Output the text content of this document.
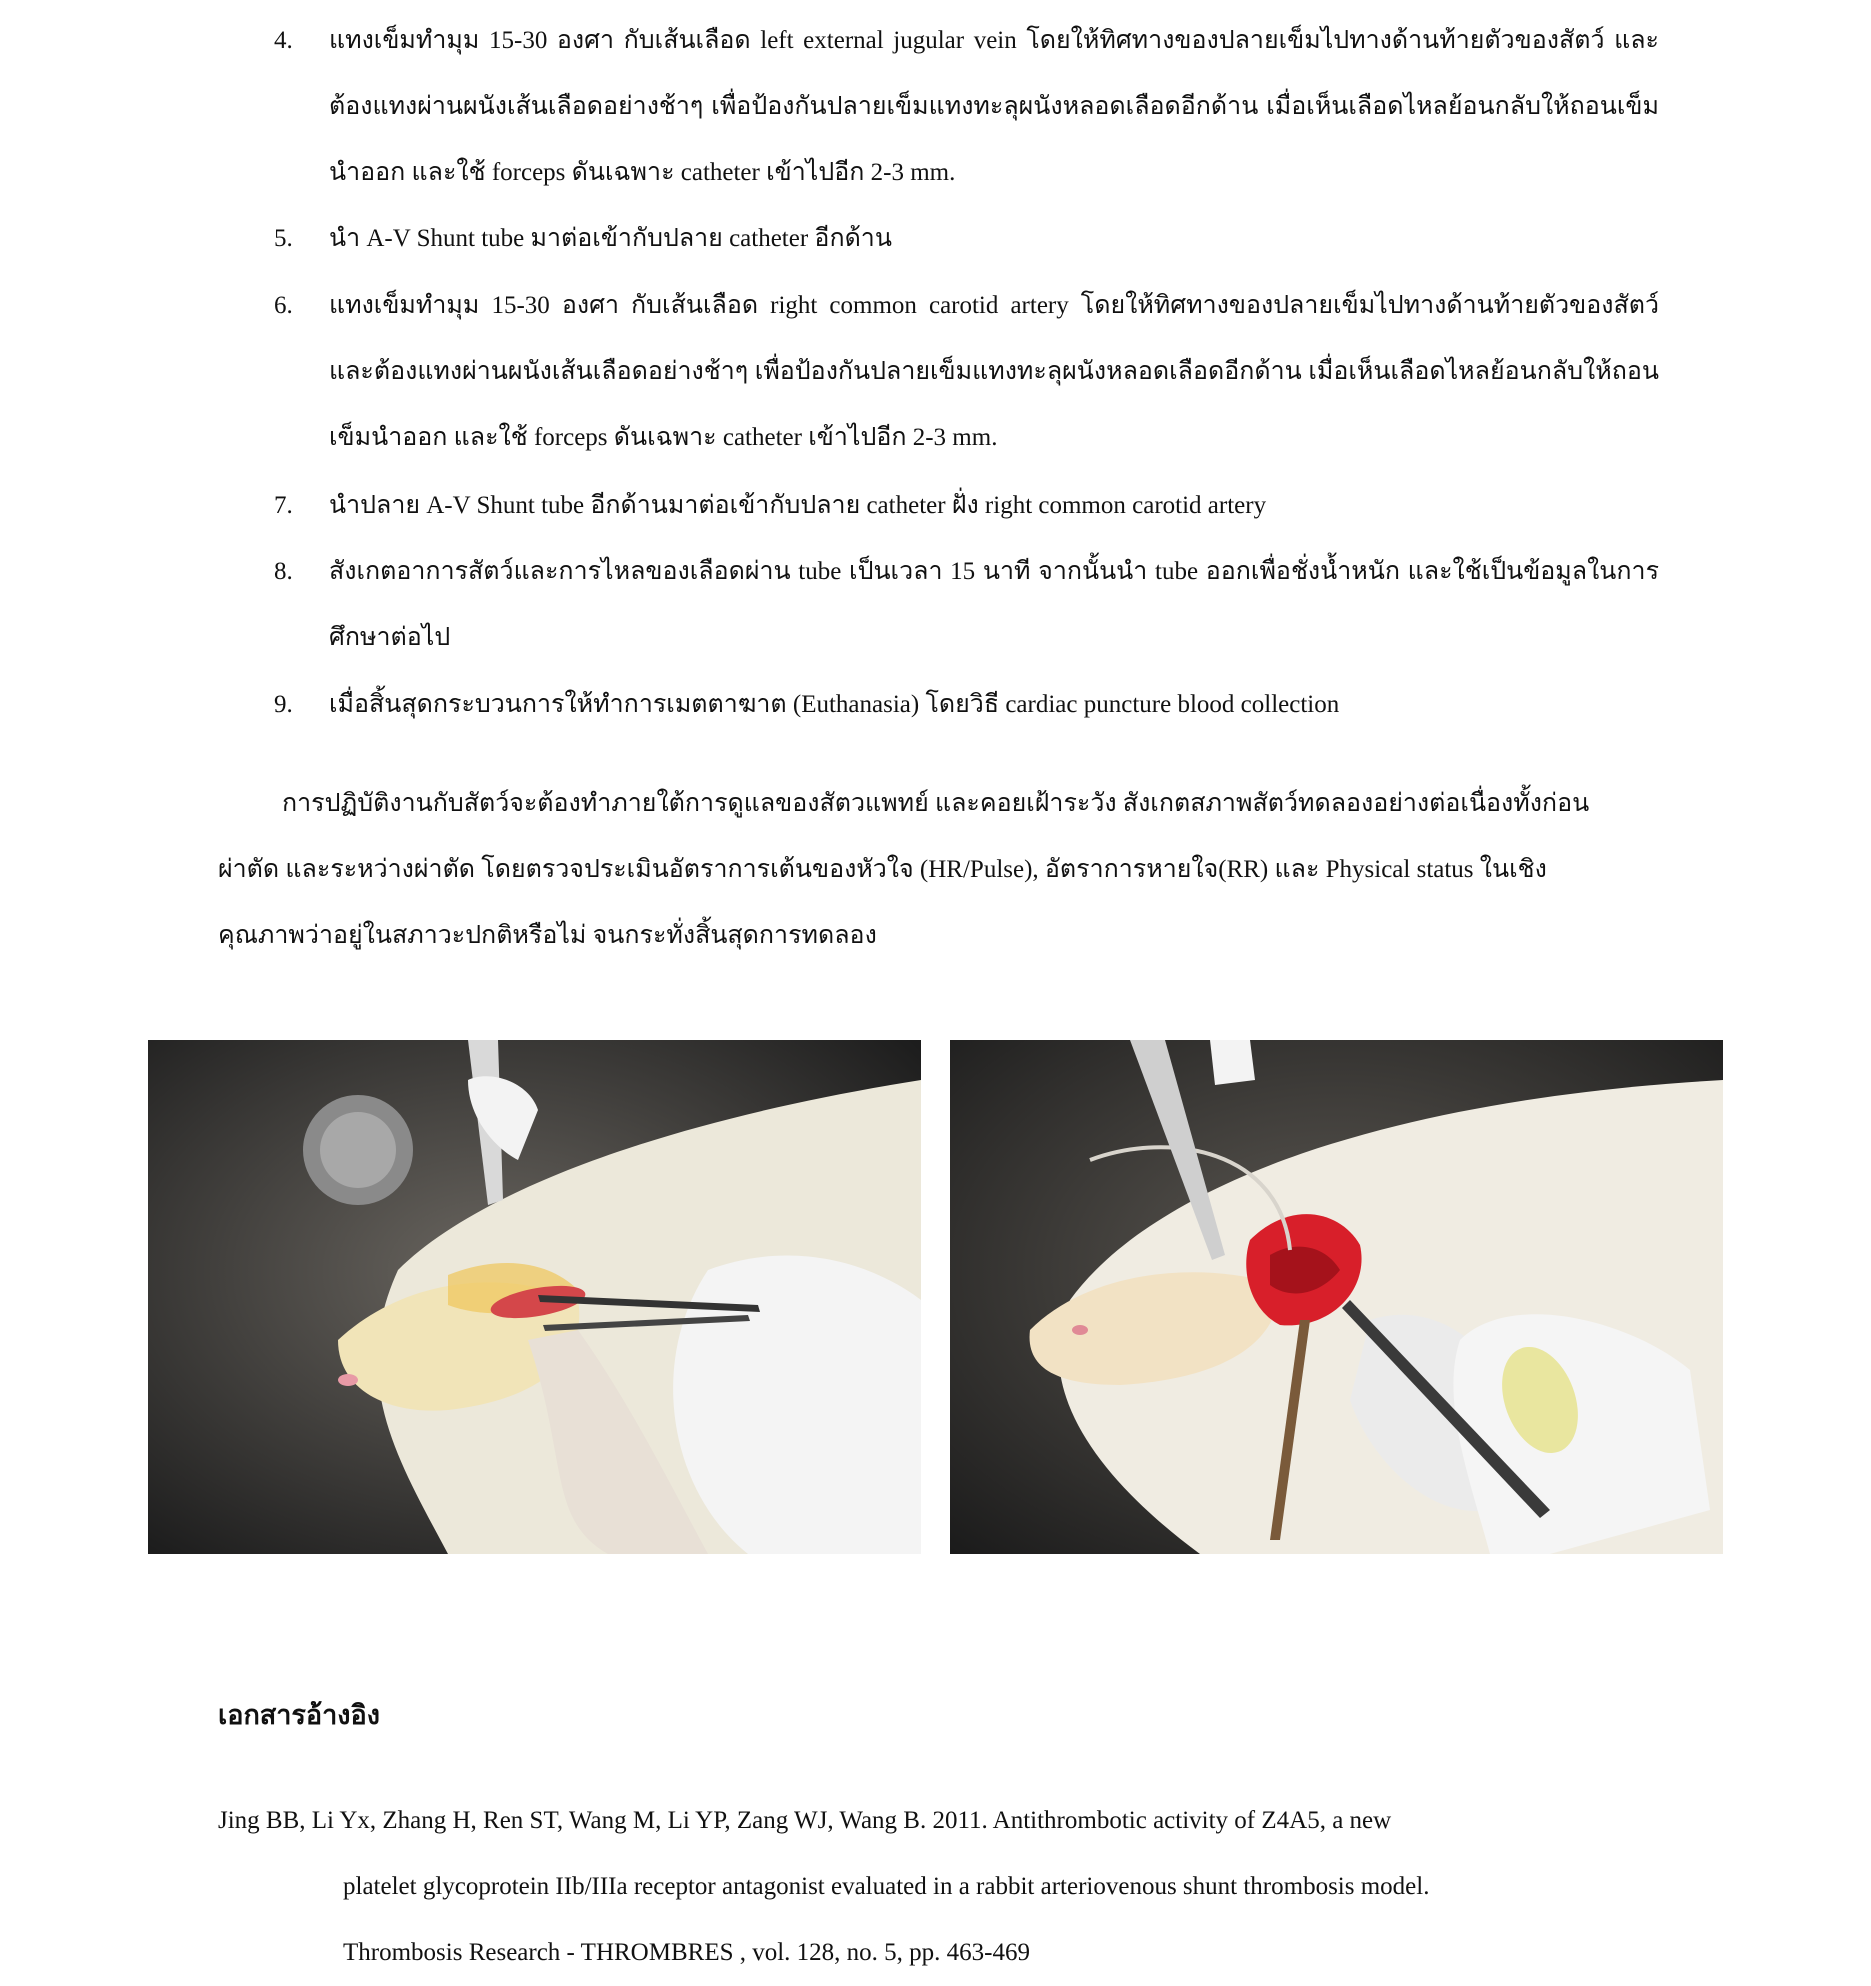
4. แทงเข็มทำมุม 15-30 องศา กับเส้นเลือด left external jugular vein โดยให้ทิศทางของปลายเข็มไปทางด้านท้ายตัวของสัตว์ และต้องแทงผ่านผนังเส้นเลือดอย่างช้าๆ เพื่อป้องกันปลายเข็มแทงทะลุผนังหลอดเลือดอีกด้าน เมื่อเห็นเลือดไหลย้อนกลับให้ถอนเข็มนำออก และใช้ forceps ดันเฉพาะ catheter เข้าไปอีก 2-3 mm.
5. นำ A-V Shunt tube มาต่อเข้ากับปลาย catheter อีกด้าน
6. แทงเข็มทำมุม 15-30 องศา กับเส้นเลือด right common carotid artery โดยให้ทิศทางของปลายเข็มไปทางด้านท้ายตัวของสัตว์ และต้องแทงผ่านผนังเส้นเลือดอย่างช้าๆ เพื่อป้องกันปลายเข็มแทงทะลุผนังหลอดเลือดอีกด้าน เมื่อเห็นเลือดไหลย้อนกลับให้ถอนเข็มนำออก และใช้ forceps ดันเฉพาะ catheter เข้าไปอีก 2-3 mm.
7. นำปลาย A-V Shunt tube อีกด้านมาต่อเข้ากับปลาย catheter ฝั่ง right common carotid artery
8. สังเกตอาการสัตว์และการไหลของเลือดผ่าน tube เป็นเวลา 15 นาที จากนั้นนำ tube ออกเพื่อชั่งน้ำหนัก และใช้เป็นข้อมูลในการศึกษาต่อไป
9. เมื่อสิ้นสุดกระบวนการให้ทำการเมตตาฆาต (Euthanasia) โดยวิธี cardiac puncture blood collection

การปฏิบัติงานกับสัตว์จะต้องทำภายใต้การดูแลของสัตวแพทย์ และคอยเฝ้าระวัง สังเกตสภาพสัตว์ทดลองอย่างต่อเนื่องทั้งก่อนผ่าตัด และระหว่างผ่าตัด โดยตรวจประเมินอัตราการเต้นของหัวใจ (HR/Pulse), อัตราการหายใจ(RR) และ Physical status ในเชิงคุณภาพว่าอยู่ในสภาวะปกติหรือไม่ จนกระทั่งสิ้นสุดการทดลอง

เอกสารอ้างอิง
Jing BB, Li Yx, Zhang H, Ren ST, Wang M, Li YP, Zang WJ, Wang B. 2011. Antithrombotic activity of Z4A5, a new
platelet glycoprotein IIb/IIIa receptor antagonist evaluated in a rabbit arteriovenous shunt thrombosis model.
Thrombosis Research - THROMBRES , vol. 128, no. 5, pp. 463-469
